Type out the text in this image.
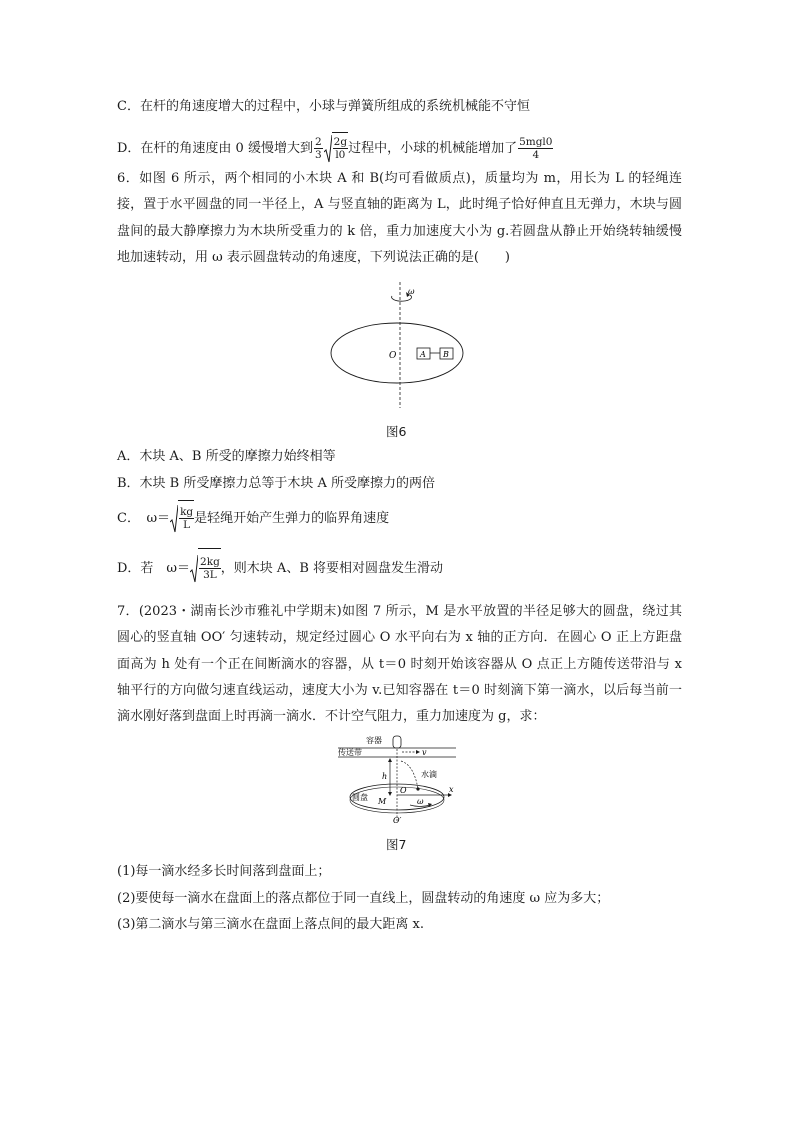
C．在杆的角速度增大的过程中，小球与弹簧所组成的系统机械能不守恒
D．在杆的角速度由 0 缓慢增大到 $\frac{2}{3} \frac{2g}{l0}$ 过程中，小球的机械能增加了 $\frac{\text{5mgl0}}{4}$
6．如图 6 所示，两个相同的小木块 A 和 B(均可看做质点)，质量均为 m，用长为 L 的轻绳连接，置于水平圆盘的同一半径上，A 与竖直轴的距离为 L，此时绳子恰好伸直且无弹力，木块与圆盘间的最大静摩擦力为木块所受重力的 k 倍，重力加速度大小为 g.若圆盘从静止开始绕转轴缓慢地加速转动，用 ω 表示圆盘转动的角速度，下列说法正确的是(　　)
ω
O	A B
图6
A．木块 A、B 所受的摩擦力始终相等
B．木块 B 所受摩擦力总等于木块 A 所受摩擦力的两倍
C．　$\omega= \frac{kg}{L}$ 是轻绳开始产生弹力的临界角速度
D．若　$\omega= \frac{2kg}{3L}$ ，则木块 A、B 将要相对圆盘发生滑动
7．(2023・湖南长沙市雅礼中学期末)如图 7 所示，M 是水平放置的半径足够大的圆盘，绕过其圆心的竖直轴 OO′ 匀速转动，规定经过圆心 O 水平向右为 x 轴的正方向．在圆心 O 正上方距盘面高为 h 处有一个正在间断滴水的容器，从 t＝0 时刻开始该容器从 O 点正上方随传送带沿与 x 轴平行的方向做匀速直线运动，速度大小为 v.已知容器在 t＝0 时刻滴下第一滴水，以后每当前一滴水刚好落到盘面上时再滴一滴水．不计空气阻力，重力加速度为 g，求：
容器
传送带	v
h	水滴
圆盘 M
O	x
ω
O′
图7
(1)每一滴水经多长时间落到盘面上；
(2)要使每一滴水在盘面上的落点都位于同一直线上，圆盘转动的角速度 ω 应为多大；
(3)第二滴水与第三滴水在盘面上落点间的最大距离 x.
